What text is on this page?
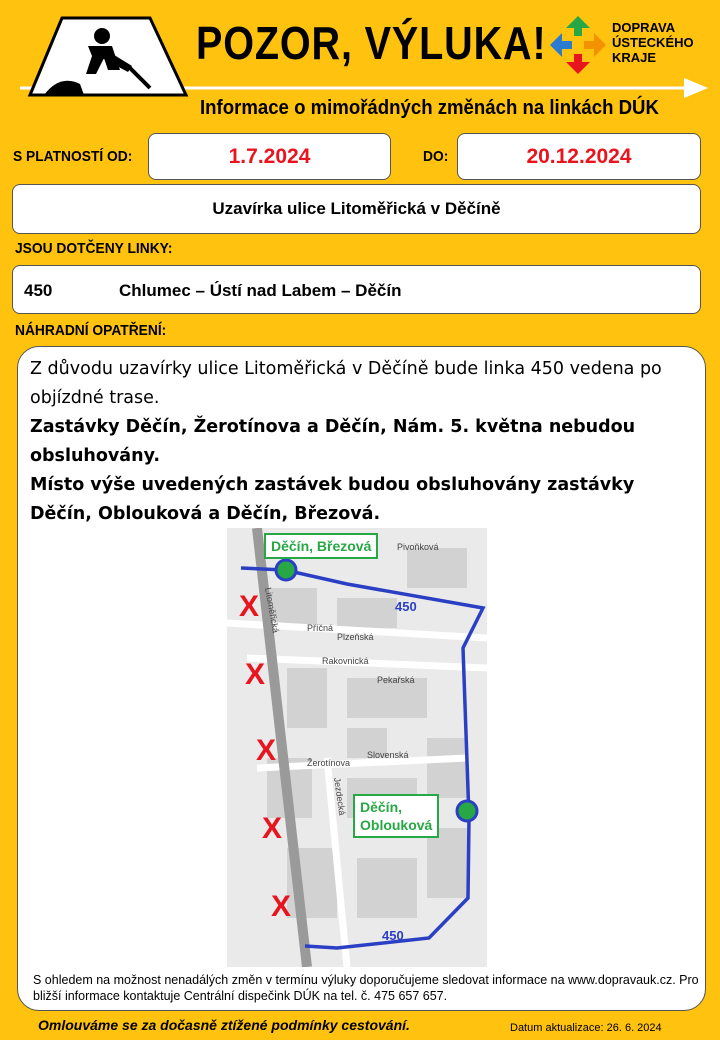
POZOR, VÝLUKA!	DOPRAVA
ÚSTECKÉHO
KRAJE
Informace o mimořádných změnách na linkách DÚK
S PLATNOSTÍ OD:	1.7.2024	DO:	20.12.2024
Uzavírka ulice Litoměřická v Děčíně
JSOU DOTČENY LINKY:
450	Chlumec – Ústí nad Labem – Děčín
NÁHRADNÍ OPATŘENÍ:
Z důvodu uzavírky ulice Litoměřická v Děčíně bude linka 450 vedena po objízdné trase.
Zastávky Děčín, Žerotínova a Děčín, Nám. 5. května nebudou obsluhovány.
Místo výše uvedených zastávek budou obsluhovány zastávky Děčín, Oblouková a Děčín, Březová.
Příčná
Rakovnická
Žerotínova
Jezdecká
Litoměřická
Plzeňská
Pekařská
Pivoňková
Slovenská
450
450
X
X
X
X
X
Děčín, Březová
Děčín,
Oblouková
S ohledem na možnost nenadálých změn v termínu výluky doporučujeme sledovat informace na www.dopravauk.cz. Pro bližší informace kontaktuje Centrální dispečink DÚK na tel. č. 475 657 657.
Omlouváme se za dočasně ztížené podmínky cestování.	Datum aktualizace: 26. 6. 2024
